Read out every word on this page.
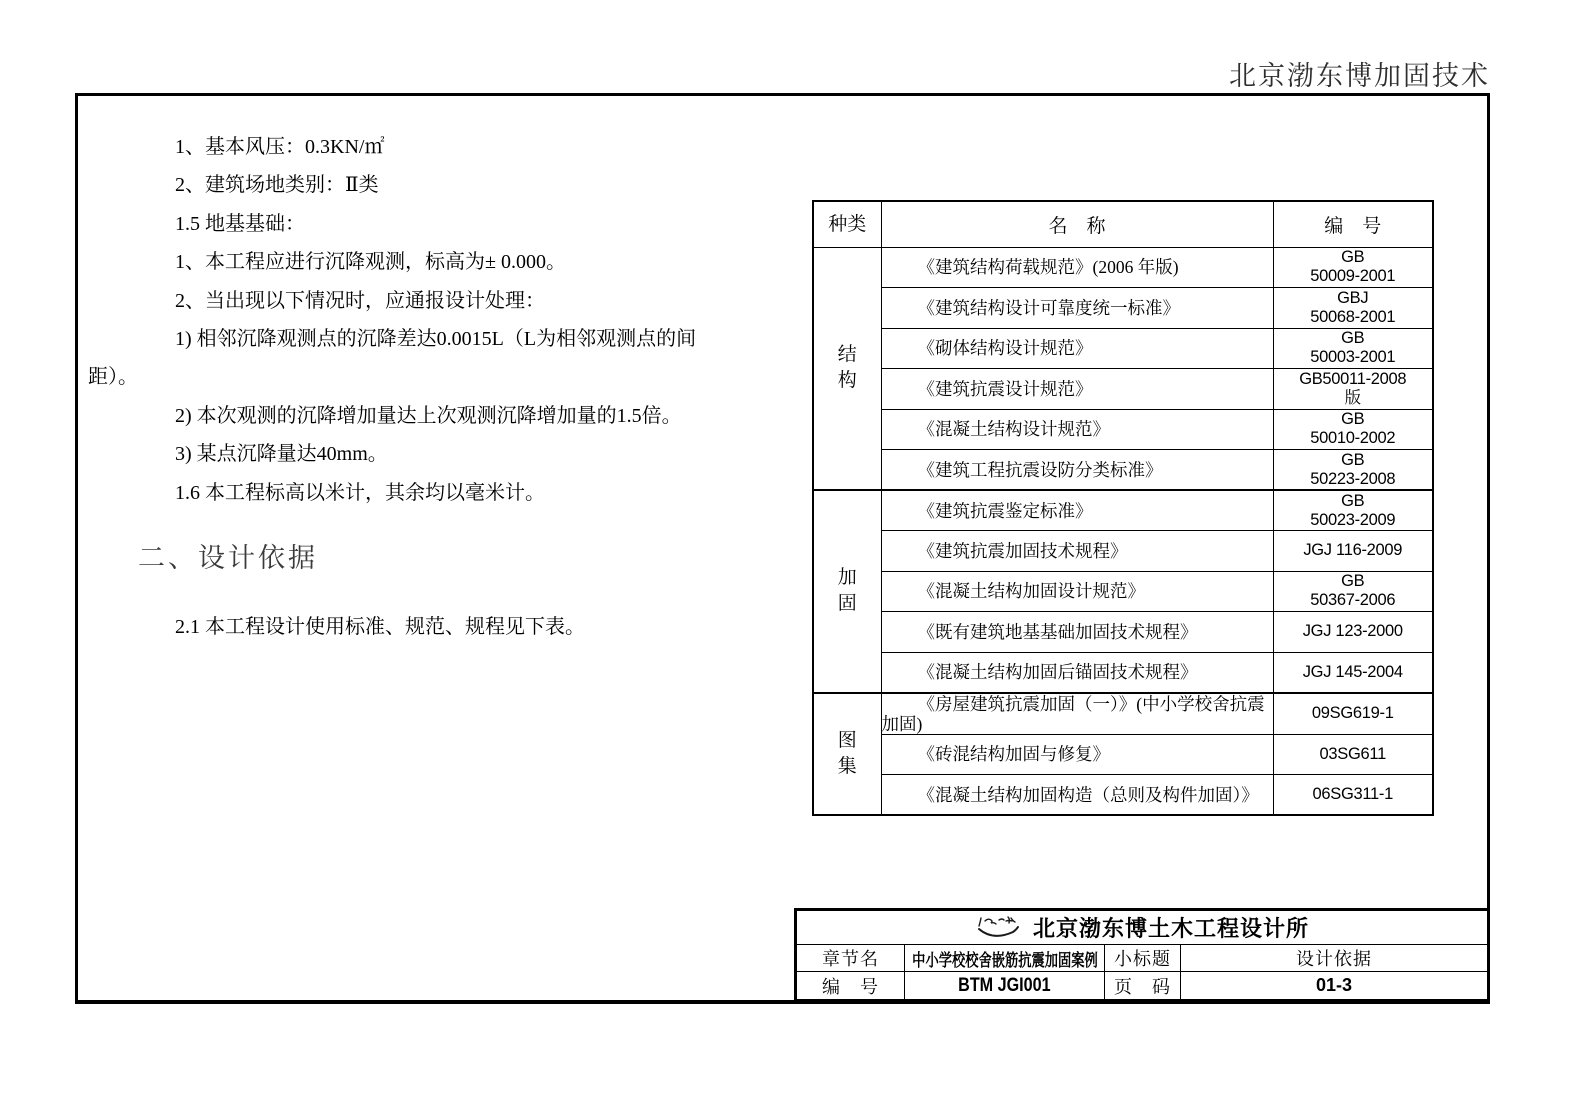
北京渤东博加固技术
1、基本风压：0.3KN/㎡
2、建筑场地类别：Ⅱ类
1.5 地基基础：
1、本工程应进行沉降观测，标高为± 0.000。
2、当出现以下情况时，应通报设计处理：
1) 相邻沉降观测点的沉降差达0.0015L（L为相邻观测点的间
距）。
2) 本次观测的沉降增加量达上次观测沉降增加量的1.5倍。
3) 某点沉降量达40mm。
1.6 本工程标高以米计，其余均以毫米计。
二、设计依据
2.1 本工程设计使用标准、规范、规程见下表。
种类	名　称	编　号

结构	《建筑结构荷载规范》(2006 年版)	GB
50009-2001

	《建筑结构设计可靠度统一标准》	GBJ
50068-2001

	《砌体结构设计规范》	GB
50003-2001

	《建筑抗震设计规范》	GB50011-2008
版

	《混凝土结构设计规范》	GB
50010-2002

	《建筑工程抗震设防分类标准》	GB
50223-2008

加固	《建筑抗震鉴定标准》	GB
50023-2009

	《建筑抗震加固技术规程》	JGJ 116-2009

	《混凝土结构加固设计规范》	GB
50367-2006

	《既有建筑地基基础加固技术规程》	JGJ 123-2000

	《混凝土结构加固后锚固技术规程》	JGJ 145-2004

图集	《房屋建筑抗震加固（一）》(中小学校舍抗震加固)	09SG619-1

	《砖混结构加固与修复》	03SG611

	《混凝土结构加固构造（总则及构件加固）》	06SG311-1
北京渤东博土木工程设计所
章节名	中小学校校舍嵌筋抗震加固案例 小标题	设计依据
编　号	BTM JGI001	页　码	01-3
